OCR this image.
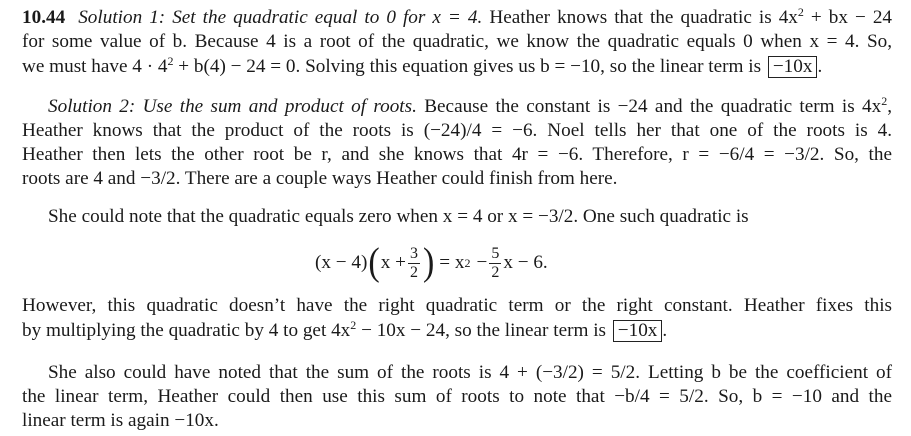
10.44 Solution 1: Set the quadratic equal to 0 for x = 4. Heather knows that the quadratic is $4x^2$ + bx − 24
for some value of b. Because 4 is a root of the quadratic, we know the quadratic equals 0 when x = 4. So,
we must have $4 \cdot 4^2 + b(4) - 24 = 0$. Solving this equation gives us b = −10, so the linear term is −10x .
Solution 2: Use the sum and product of roots. Because the constant is −24 and the quadratic term is $4x^2$,
Heather knows that the product of the roots is (−24)/4 = −6. Noel tells her that one of the roots is 4.
Heather then lets the other root be r, and she knows that 4r = −6. Therefore, r = −6/4 = −3/2. So, the
roots are 4 and −3/2. There are a couple ways Heather could finish from here.
She could note that the quadratic equals zero when x = 4 or x = −3/2. One such quadratic is
(x − 4) ( $x + \frac{3}{2}$ ) = x $2 - \frac{5}{2}$ x − 6.
However, this quadratic doesn’t have the right quadratic term or the right constant. Heather fixes this
by multiplying the quadratic by 4 to get $4x^2 - 10x - 24$, so the linear term is −10x .
She also could have noted that the sum of the roots is 4 + (−3/2) = 5/2. Letting b be the coefficient of
the linear term, Heather could then use this sum of roots to note that −b/4 = 5/2. So, b = −10 and the
linear term is again −10x.
